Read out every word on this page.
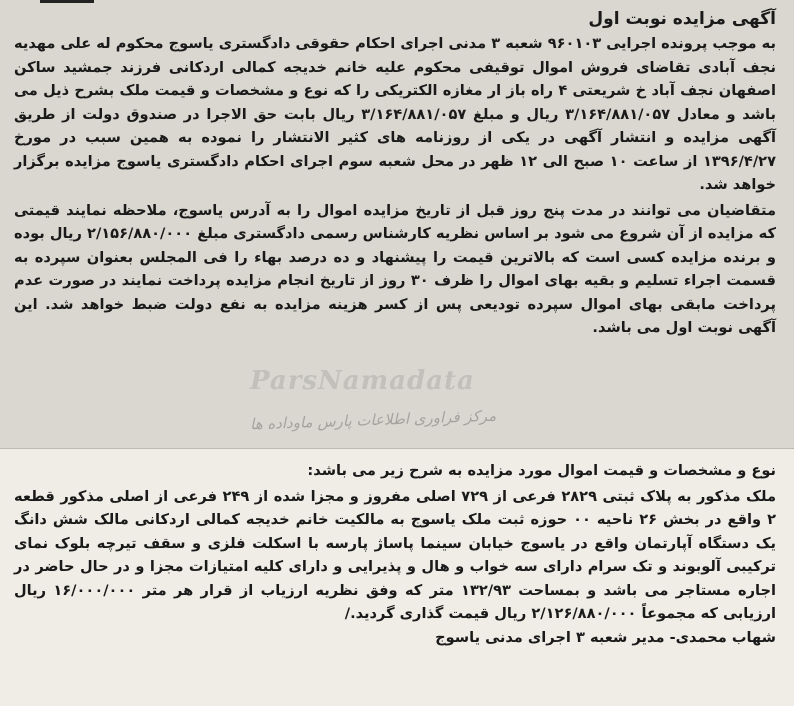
آگهی مزایده نوبت اول

به موجب پرونده اجرایی ۹۶۰۱۰۳ شعبه ۳ مدنی اجرای احکام حقوقی دادگستری یاسوج محکوم له علی مهدیه نجف آبادی تقاضای فروش اموال توقیفی محکوم علیه خانم خدیجه کمالی اردکانی فرزند جمشید ساکن اصفهان نجف آباد خ شریعتی ۴ راه باز ار مغازه الکتریکی را که نوع و مشخصات و قیمت ملک بشرح ذیل می باشد و معادل ۳/۱۶۴/۸۸۱/۰۵۷ ریال و مبلغ ۳/۱۶۴/۸۸۱/۰۵۷ ریال بابت حق الاجرا در صندوق دولت از طریق آگهی مزایده و انتشار آگهی در یکی از روزنامه های کثیر الانتشار را نموده به همین سبب در مورخ ۱۳۹۶/۴/۲۷ از ساعت ۱۰ صبح الی ۱۲ ظهر در محل شعبه سوم اجرای احکام دادگستری یاسوج مزایده برگزار خواهد شد.

متقاضیان می توانند در مدت پنج روز قبل از تاریخ مزایده اموال را به آدرس یاسوج، ملاحظه نمایند قیمتی که مزایده از آن شروع می شود بر اساس نظریه کارشناس رسمی دادگستری مبلغ ۲/۱۵۶/۸۸۰/۰۰۰ ریال بوده و برنده مزایده کسی است که بالاترین قیمت را پیشنهاد و ده درصد بهاء را فی المجلس بعنوان سپرده به قسمت اجراء تسلیم و بقیه بهای اموال را ظرف ۳۰ روز از تاریخ انجام مزایده پرداخت نمایند در صورت عدم پرداخت مابقی بهای اموال سپرده تودیعی پس از کسر هزینه مزایده به نفع دولت ضبط خواهد شد. این آگهی نوبت اول می باشد.

ParsNamadata
مرکز فراوری اطلاعات پارس ماوداده ها

نوع و مشخصات و قیمت اموال مورد مزایده به شرح زیر می باشد:

ملک مذکور به پلاک ثبتی ۲۸۲۹ فرعی از ۷۲۹ اصلی مفروز و مجزا شده از ۲۴۹ فرعی از اصلی مذکور قطعه ۲ واقع در بخش ۲۶ ناحیه ۰۰ حوزه ثبت ملک یاسوج به مالکیت خانم خدیجه کمالی اردکانی مالک شش دانگ یک دستگاه آپارتمان واقع در یاسوج خیابان سینما پاساژ پارسه با اسکلت فلزی و سقف تیرچه بلوک نمای ترکیبی آلوبوند و تک سرام دارای سه خواب و هال و پذیرایی و دارای کلیه امتیازات مجزا و در حال حاضر در اجاره مستاجر می باشد و بمساحت ۱۳۲/۹۳ متر که وفق نظریه ارزیاب از قرار هر متر ۱۶/۰۰۰/۰۰۰ ریال ارزیابی که مجموعاً ۲/۱۲۶/۸۸۰/۰۰۰ ریال قیمت گذاری گردید./

شهاب محمدی- مدیر شعبه ۳ اجرای مدنی یاسوج
